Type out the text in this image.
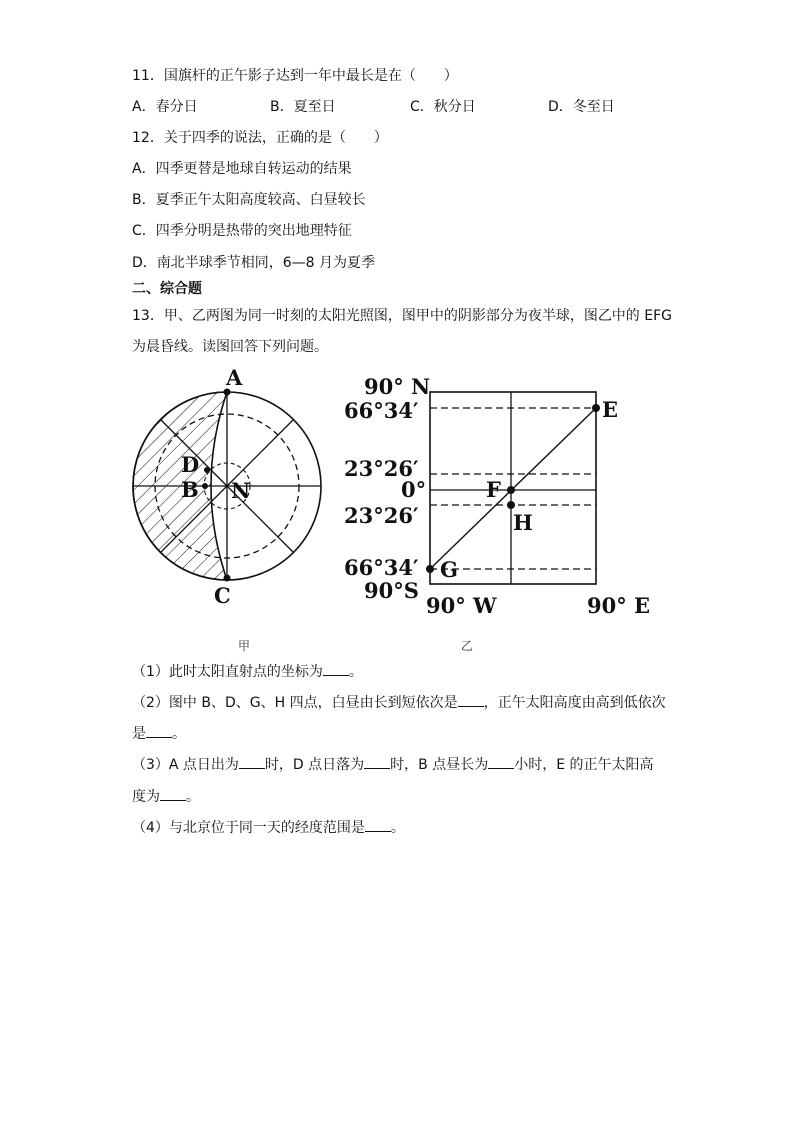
11．国旗杆的正午影子达到一年中最长是在（　　）
A．春分日	B．夏至日	C．秋分日	D．冬至日
12．关于四季的说法，正确的是（　　）
A．四季更替是地球自转运动的结果
B．夏季正午太阳高度较高、白昼较长
C．四季分明是热带的突出地理特征
D．南北半球季节相同，6—8 月为夏季
二、综合题
13．甲、乙两图为同一时刻的太阳光照图，图甲中的阴影部分为夜半球，图乙中的 EFG
为晨昏线。读图回答下列问题。
A
C
D
B N
甲
90° N
66°34′
23°26′
0°
23°26′
66°34′
90°S
90° W	90° E
E
F
H
G
乙
（1）此时太阳直射点的坐标为 。
（2）图中 B、D、G、H 四点，白昼由长到短依次是 ，正午太阳高度由高到低依次
是 。
（3）A 点日出为 时，D 点日落为 时，B 点昼长为 小时，E 的正午太阳高
度为 。
（4）与北京位于同一天的经度范围是 。
